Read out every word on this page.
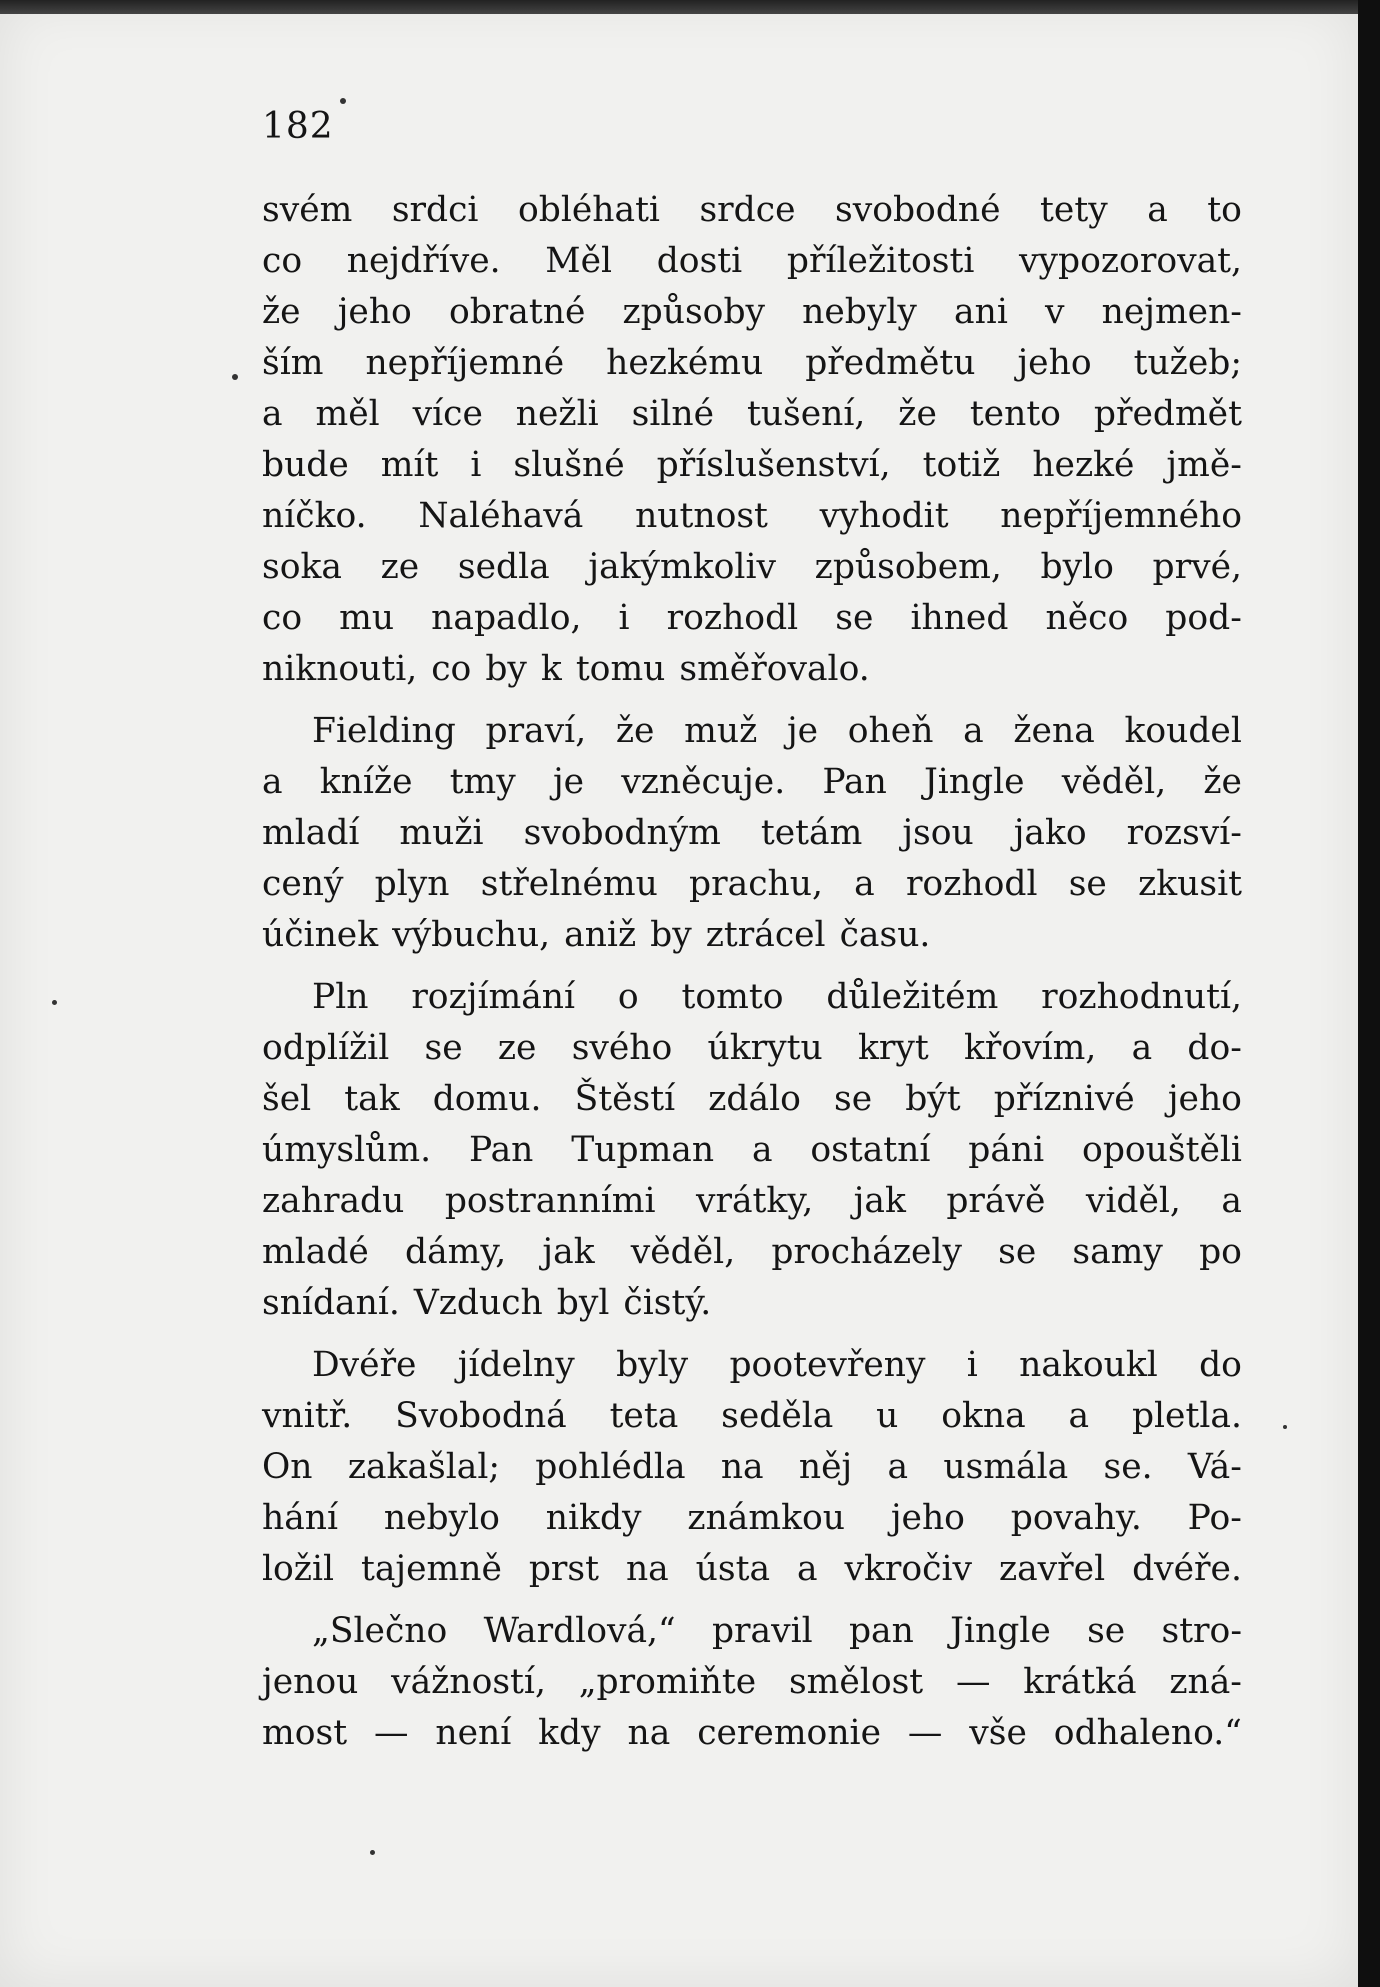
182
svém srdci obléhati srdce svobodné tety a to
co nejdříve. Měl dosti příležitosti vypozorovat,
že jeho obratné způsoby nebyly ani v nejmen-
ším nepříjemné hezkému předmětu jeho tužeb;
a měl více nežli silné tušení, že tento předmět
bude mít i slušné příslušenství, totiž hezké jmě-
níčko. Naléhavá nutnost vyhodit nepříjemného
soka ze sedla jakýmkoliv způsobem, bylo prvé,
co mu napadlo, i rozhodl se ihned něco pod-
niknouti, co by k tomu směřovalo.
Fielding praví, že muž je oheň a žena koudel
a kníže tmy je vzněcuje. Pan Jingle věděl, že
mladí muži svobodným tetám jsou jako rozsví-
cený plyn střelnému prachu, a rozhodl se zkusit
účinek výbuchu, aniž by ztrácel času.
Pln rozjímání o tomto důležitém rozhodnutí,
odplížil se ze svého úkrytu kryt křovím, a do-
šel tak domu. Štěstí zdálo se být příznivé jeho
úmyslům. Pan Tupman a ostatní páni opouštěli
zahradu postranními vrátky, jak právě viděl, a
mladé dámy, jak věděl, procházely se samy po
snídaní. Vzduch byl čistý.
Dvéře jídelny byly pootevřeny i nakoukl do
vnitř. Svobodná teta seděla u okna a pletla.
On zakašlal; pohlédla na něj a usmála se. Vá-
hání nebylo nikdy známkou jeho povahy. Po-
ložil tajemně prst na ústa a vkročiv zavřel dvéře.
„Slečno Wardlová,“ pravil pan Jingle se stro-
jenou vážností, „promiňte smělost — krátká zná-
most — není kdy na ceremonie — vše odhaleno.“
